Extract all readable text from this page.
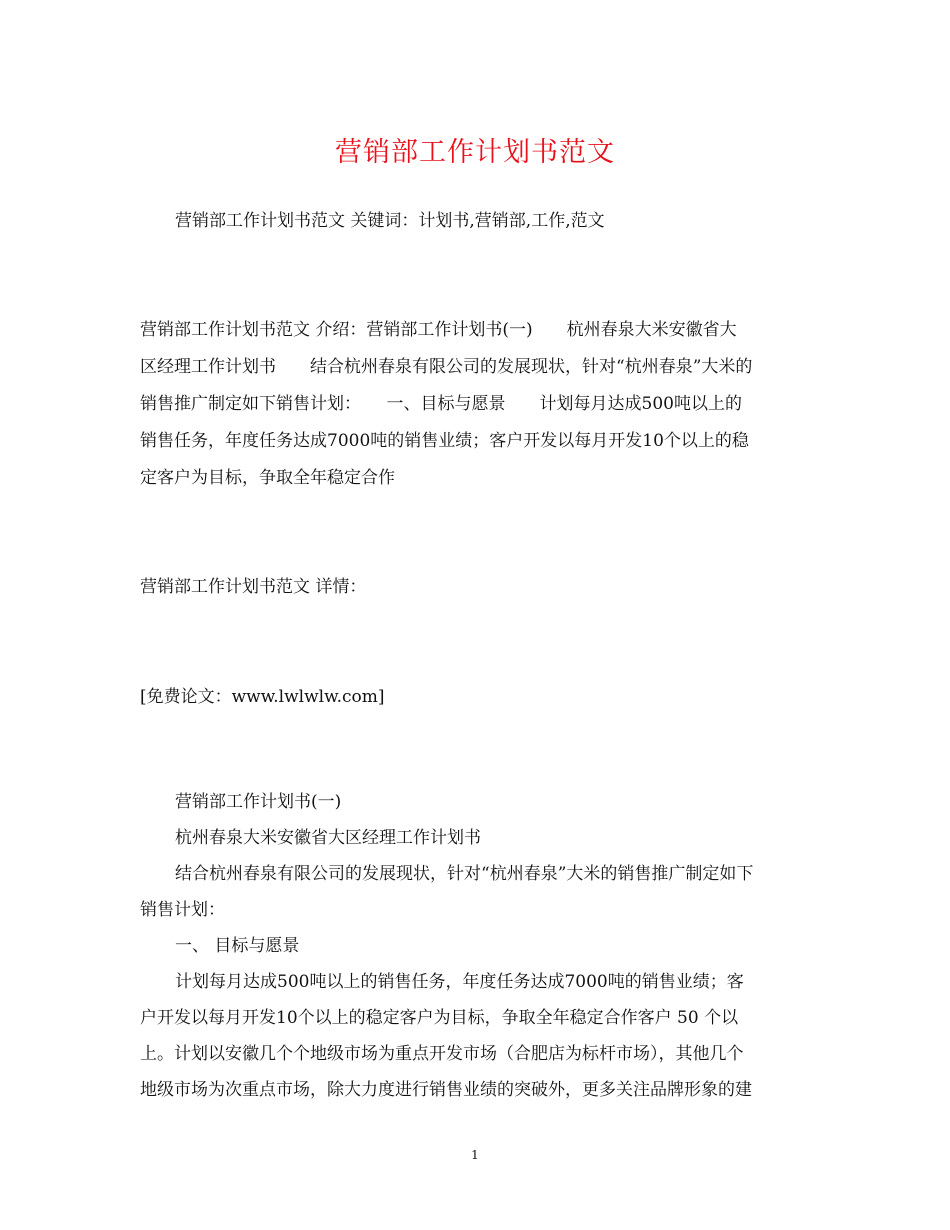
营销部工作计划书范文

营销部工作计划书范文 关键词：计划书,营销部,工作,范文

营销部工作计划书范文 介绍：营销部工作计划书(一)　　杭州春泉大米安徽省大
区经理工作计划书　　结合杭州春泉有限公司的发展现状，针对“杭州春泉”大米的
销售推广制定如下销售计划：　　一、目标与愿景　　计划每月达成500吨以上的
销售任务，年度任务达成7000吨的销售业绩；客户开发以每月开发10个以上的稳
定客户为目标，争取全年稳定合作

营销部工作计划书范文 详情：

[免费论文：www.lwlwlw.com]

营销部工作计划书(一)
杭州春泉大米安徽省大区经理工作计划书
结合杭州春泉有限公司的发展现状，针对“杭州春泉”大米的销售推广制定如下
销售计划：
一、 目标与愿景
计划每月达成500吨以上的销售任务，年度任务达成7000吨的销售业绩；客
户开发以每月开发10个以上的稳定客户为目标，争取全年稳定合作客户 50 个以
上。计划以安徽几个个地级市场为重点开发市场（合肥店为标杆市场），其他几个
地级市场为次重点市场，除大力度进行销售业绩的突破外，更多关注品牌形象的建

1
